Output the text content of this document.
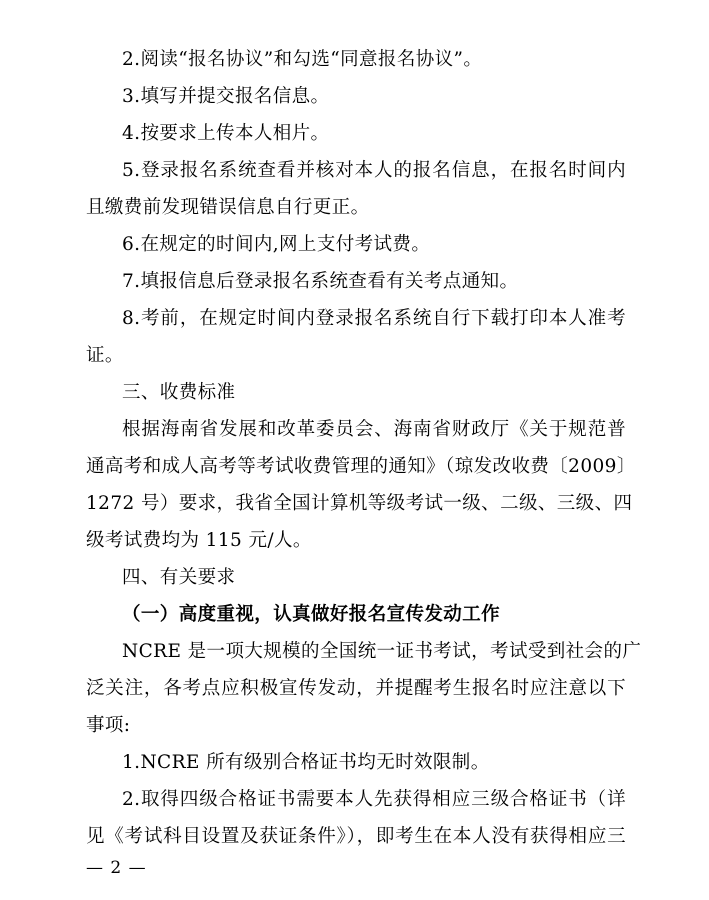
2.阅读“报名协议”和勾选“同意报名协议”。
3.填写并提交报名信息。
4.按要求上传本人相片。
5.登录报名系统查看并核对本人的报名信息，在报名时间内
且缴费前发现错误信息自行更正。
6.在规定的时间内,网上支付考试费。
7.填报信息后登录报名系统查看有关考点通知。
8.考前，在规定时间内登录报名系统自行下载打印本人准考
证。
三、收费标准
根据海南省发展和改革委员会、海南省财政厅《关于规范普
通高考和成人高考等考试收费管理的通知》（琼发改收费〔2009〕
1272 号）要求，我省全国计算机等级考试一级、二级、三级、四
级考试费均为 115 元/人。
四、有关要求
（一）高度重视，认真做好报名宣传发动工作
NCRE 是一项大规模的全国统一证书考试，考试受到社会的广
泛关注，各考点应积极宣传发动，并提醒考生报名时应注意以下
事项:
1.NCRE 所有级别合格证书均无时效限制。
2.取得四级合格证书需要本人先获得相应三级合格证书（详
见《考试科目设置及获证条件》），即考生在本人没有获得相应三
— 2 —
